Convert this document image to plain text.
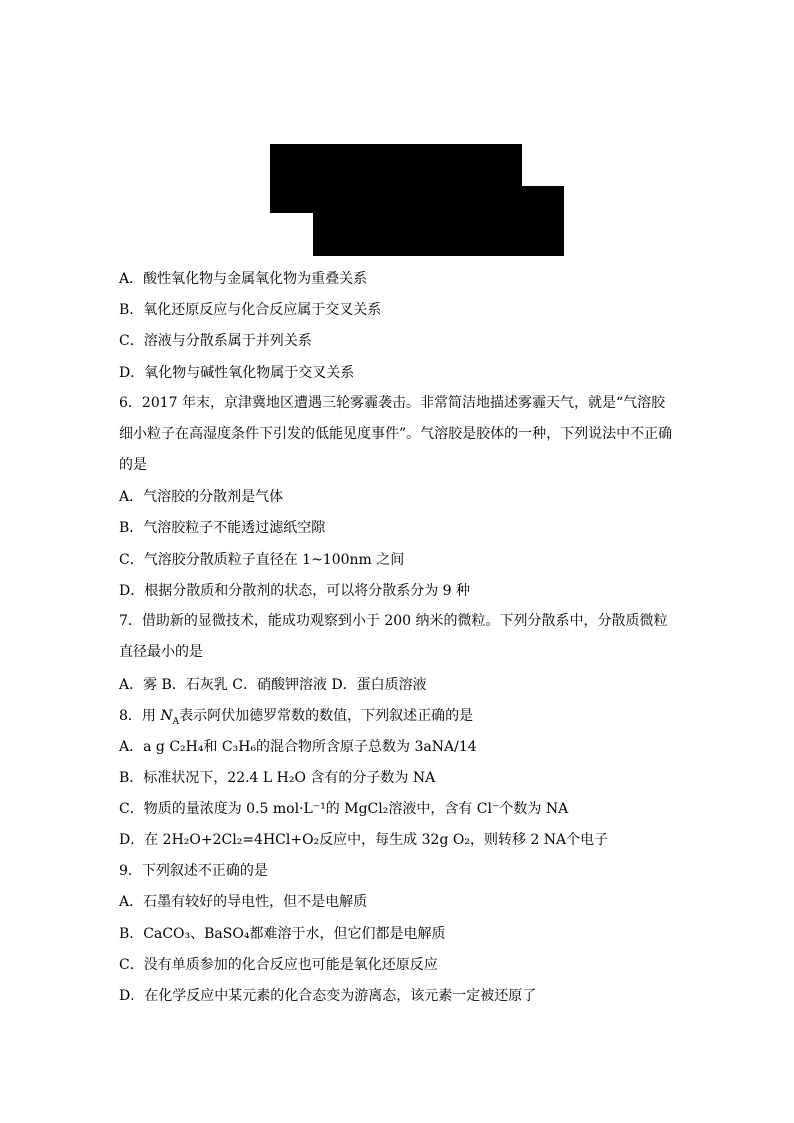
A．酸性氧化物与金属氧化物为重叠关系
B．氧化还原反应与化合反应属于交叉关系
C．溶液与分散系属于并列关系
D．氧化物与碱性氧化物属于交叉关系
6．2017 年末，京津冀地区遭遇三轮雾霾袭击。非常简洁地描述雾霾天气，就是“气溶胶细小粒子在高湿度条件下引发的低能见度事件”。气溶胶是胶体的一种，下列说法中不正确的是
A．气溶胶的分散剂是气体
B．气溶胶粒子不能透过滤纸空隙
C．气溶胶分散质粒子直径在 1~100nm 之间
D．根据分散质和分散剂的状态，可以将分散系分为 9 种
7．借助新的显微技术，能成功观察到小于 200 纳米的微粒。下列分散系中，分散质微粒直径最小的是
A．雾 B．石灰乳 C．硝酸钾溶液 D．蛋白质溶液
8．用 $N_A$表示阿伏加德罗常数的数值，下列叙述正确的是
A．a g C₂H₄和 C₃H₆的混合物所含原子总数为 3aNA/14
B．标准状况下，22.4 L H₂O 含有的分子数为 NA
C．物质的量浓度为 0.5 mol·L⁻¹的 MgCl₂溶液中，含有 Cl⁻个数为 NA
D．在 2H₂O+2Cl₂=4HCl+O₂反应中，每生成 32g O₂，则转移 2 NA个电子
9．下列叙述不正确的是
A．石墨有较好的导电性，但不是电解质
B．CaCO₃、BaSO₄都难溶于水，但它们都是电解质
C．没有单质参加的化合反应也可能是氧化还原反应
D．在化学反应中某元素的化合态变为游离态，该元素一定被还原了
